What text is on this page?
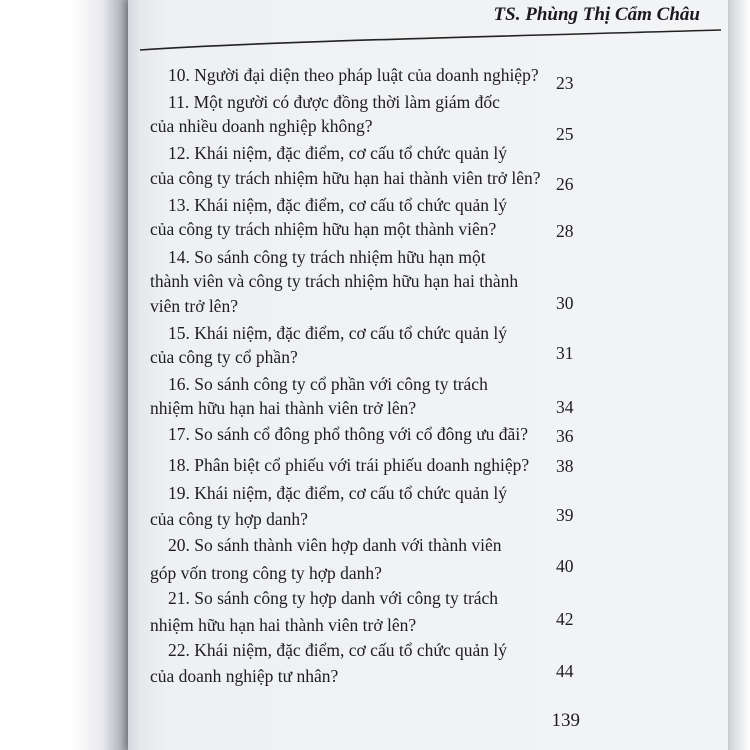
TS. Phùng Thị Cẩm Châu
10. Người đại diện theo pháp luật của doanh nghiệp? 23
11. Một người có được đồng thời làm giám đốc
của nhiều doanh nghiệp không?	25
12. Khái niệm, đặc điểm, cơ cấu tổ chức quản lý
của công ty trách nhiệm hữu hạn hai thành viên trở lên? 26
13. Khái niệm, đặc điểm, cơ cấu tổ chức quản lý
của công ty trách nhiệm hữu hạn một thành viên?	28
14. So sánh công ty trách nhiệm hữu hạn một
thành viên và công ty trách nhiệm hữu hạn hai thành
viên trở lên?	30
15. Khái niệm, đặc điểm, cơ cấu tổ chức quản lý
của công ty cổ phần?	31
16. So sánh công ty cổ phần với công ty trách
nhiệm hữu hạn hai thành viên trở lên?	34
17. So sánh cổ đông phổ thông với cổ đông ưu đãi? 36
18. Phân biệt cổ phiếu với trái phiếu doanh nghiệp? 38
19. Khái niệm, đặc điểm, cơ cấu tổ chức quản lý
của công ty hợp danh?	39
20. So sánh thành viên hợp danh với thành viên
góp vốn trong công ty hợp danh?	40
21. So sánh công ty hợp danh với công ty trách
nhiệm hữu hạn hai thành viên trở lên?	42
22. Khái niệm, đặc điểm, cơ cấu tổ chức quản lý
của doanh nghiệp tư nhân?	44
139
